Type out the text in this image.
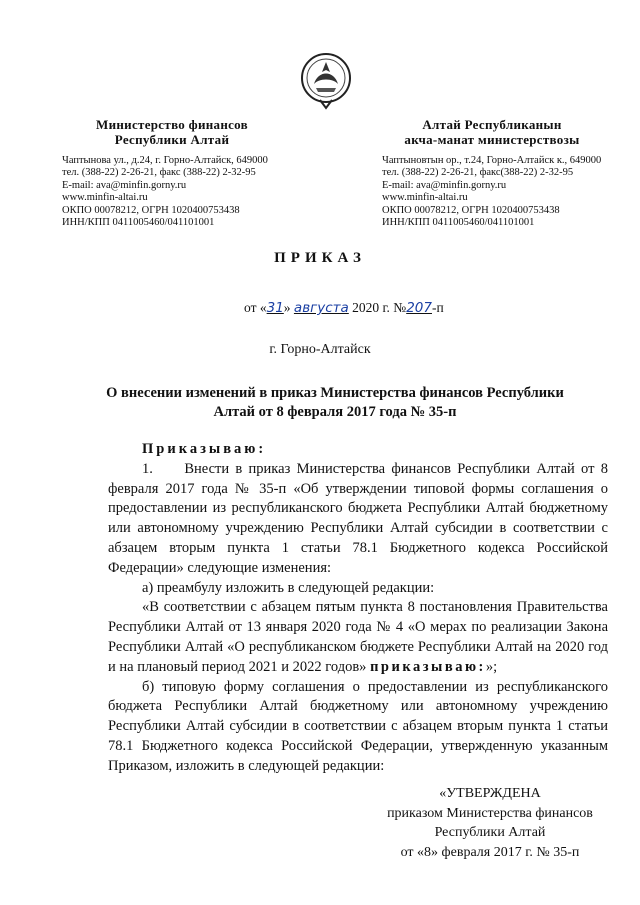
Министерство финансов
Республики Алтай
Чаптынова ул., д.24, г. Горно-Алтайск, 649000
тел. (388-22) 2-26-21, факс (388-22) 2-32-95
E-mail: ava@minfin.gorny.ru
www.minfin-altai.ru
ОКПО 00078212, ОГРН 1020400753438
ИНН/КПП 0411005460/041101001
Алтай Республиканын
акча-манат министерствозы
Чаптыновтын ор., т.24, Горно-Алтайск к., 649000
тел. (388-22) 2-26-21, факс(388-22) 2-32-95
E-mail: ava@minfin.gorny.ru
www.minfin-altai.ru
ОКПО 00078212, ОГРН 1020400753438
ИНН/КПП 0411005460/041101001
ПРИКАЗ
от «31» августа 2020 г. №207-п
г. Горно-Алтайск
О внесении изменений в приказ Министерства финансов Республики Алтай от 8 февраля 2017 года № 35-п

Приказываю:

1.     Внести в приказ Министерства финансов Республики Алтай от 8 февраля 2017 года № 35-п «Об утверждении типовой формы соглашения о предоставлении из республиканского бюджета Республики Алтай бюджетному или автономному учреждению Республики Алтай субсидии в соответствии с абзацем вторым пункта 1 статьи 78.1 Бюджетного кодекса Российской Федерации» следующие изменения:

а) преамбулу изложить в следующей редакции:

«В соответствии с абзацем пятым пункта 8 постановления Правительства Республики Алтай от 13 января 2020 года № 4 «О мерах по реализации Закона Республики Алтай «О республиканском бюджете Республики Алтай на 2020 год и на плановый период 2021 и 2022 годов» приказываю:»;

б) типовую форму соглашения о предоставлении из республиканского бюджета Республики Алтай бюджетному или автономному учреждению Республики Алтай субсидии в соответствии с абзацем вторым пункта 1 статьи 78.1 Бюджетного кодекса Российской Федерации, утвержденную указанным Приказом, изложить в следующей редакции:

«УТВЕРЖДЕНА
приказом Министерства финансов
Республики Алтай
от «8» февраля 2017 г. № 35-п
